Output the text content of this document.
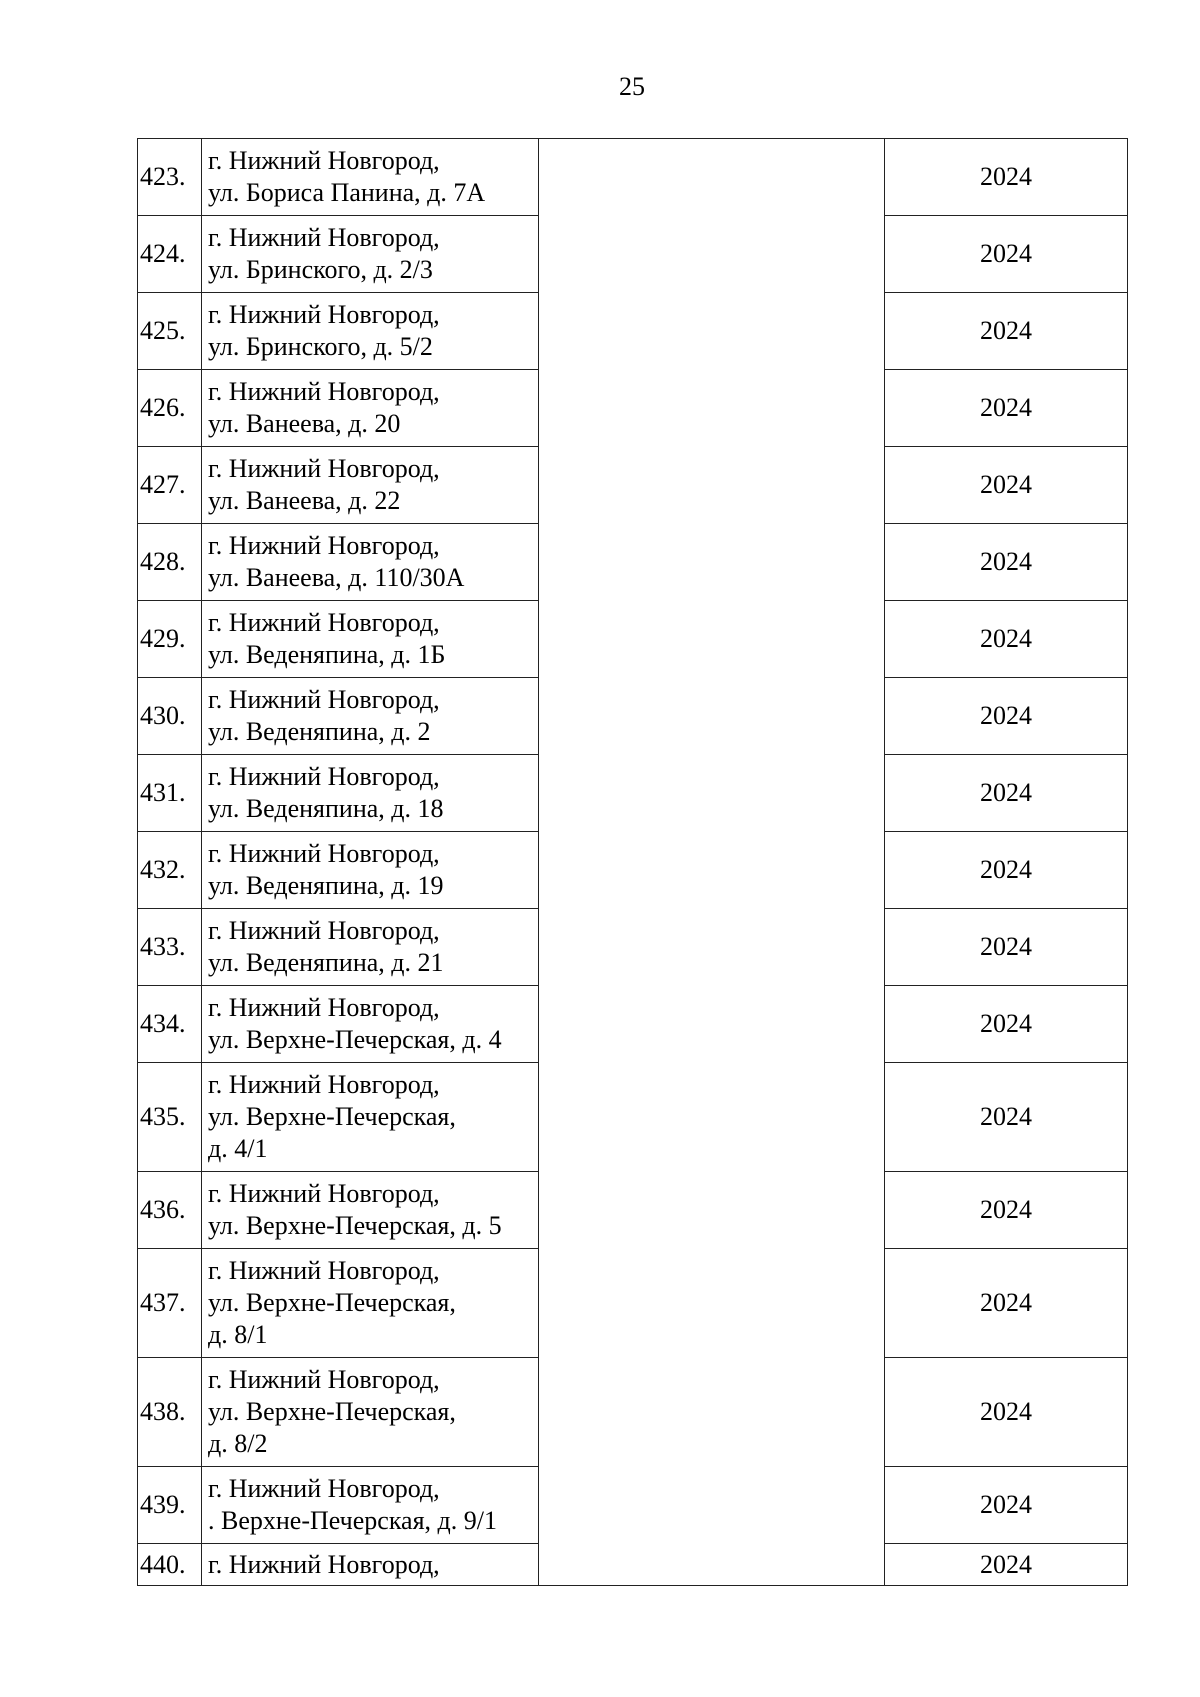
25
423.	г. Нижний Новгород,
ул. Бориса Панина, д. 7А		2024
424.	г. Нижний Новгород,
ул. Бринского, д. 2/3		2024
425.	г. Нижний Новгород,
ул. Бринского, д. 5/2		2024
426.	г. Нижний Новгород,
ул. Ванеева, д. 20		2024
427.	г. Нижний Новгород,
ул. Ванеева, д. 22		2024
428.	г. Нижний Новгород,
ул. Ванеева, д. 110/30А		2024
429.	г. Нижний Новгород,
ул. Веденяпина, д. 1Б		2024
430.	г. Нижний Новгород,
ул. Веденяпина, д. 2		2024
431.	г. Нижний Новгород,
ул. Веденяпина, д. 18		2024
432.	г. Нижний Новгород,
ул. Веденяпина, д. 19		2024
433.	г. Нижний Новгород,
ул. Веденяпина, д. 21		2024
434.	г. Нижний Новгород,
ул. Верхне-Печерская, д. 4		2024
435.	г. Нижний Новгород,
ул. Верхне-Печерская,
д. 4/1		2024
436.	г. Нижний Новгород,
ул. Верхне-Печерская, д. 5		2024
437.	г. Нижний Новгород,
ул. Верхне-Печерская,
д. 8/1		2024
438.	г. Нижний Новгород,
ул. Верхне-Печерская,
д. 8/2		2024
439.	г. Нижний Новгород,
. Верхне-Печерская, д. 9/1		2024
440.	г. Нижний Новгород,		2024
